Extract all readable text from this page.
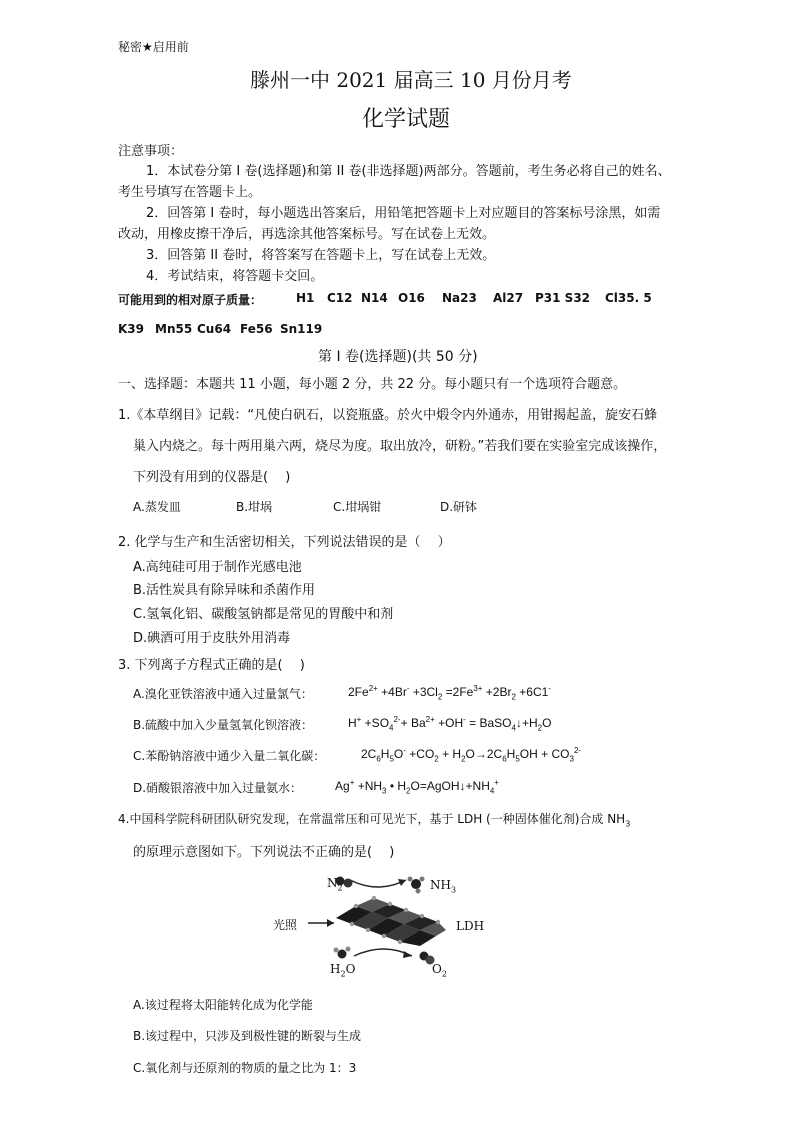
秘密★启用前
滕州一中 2021 届高三 10 月份月考
化学试题
注意事项：
1．本试卷分第 I 卷(选择题)和第 II 卷(非选择题)两部分。答题前，考生务必将自己的姓名、
考生号填写在答题卡上。
2．回答第 I 卷时，每小题选出答案后，用铅笔把答题卡上对应题目的答案标号涂黑，如需
改动，用橡皮擦干净后，再选涂其他答案标号。写在试卷上无效。
3．回答第 II 卷时，将答案写在答题卡上，写在试卷上无效。
4．考试结束，将答题卡交回。
可能用到的相对原子质量：	H1 C12 N14 O16 Na23 Al27 P31 S32 Cl35. 5
K39 Mn55 Cu64 Fe56 Sn119
第 I 卷(选择题)(共 50 分)
一、选择题：本题共 11 小题，每小题 2 分，共 22 分。每小题只有一个选项符合题意。
1.《本草纲目》记载：“凡使白矾石，以瓷瓶盛。於火中煅令内外通赤，用钳揭起盖，旋安石蜂
巢入内烧之。每十两用巢六两，烧尽为度。取出放冷，研粉。”若我们要在实验室完成该操作，
下列没有用到的仪器是(　 )
A.蒸发皿	B.坩埚	C.坩埚钳	D.研钵
2. 化学与生产和生活密切相关，下列说法错误的是（　 ）
A.高纯硅可用于制作光感电池
B.活性炭具有除异味和杀菌作用
C.氢氧化铝、碳酸氢钠都是常见的胃酸中和剂
D.碘酒可用于皮肤外用消毒
3. 下列离子方程式正确的是(　 )
A.溴化亚铁溶液中通入过量氯气：	$2Fe^{2+} +4Br^- +3Cl_2 =2Fe^{3+} +2Br_2 +6C1^-$
B.硫酸中加入少量氢氧化钡溶液：	$H^+ +SO_4^{2-}+ Ba^{2+} +OH^-$ = $BaSO_4↓+H_2O$
C.苯酚钠溶液中通少入量二氧化碳：	$2C_6H_5O^- +CO_2 + H_2O\to 2C_6H_5OH + CO_3^{2-}$
D.硝酸银溶液中加入过量氨水：	$Ag^+ +NH_3$ • $H_2O=AgOH↓+NH_4^+$
4.中国科学院科研团队研究发现，在常温常压和可见光下，基于 LDH (一种固体催化剂)合成 $NH_3$
的原理示意图如下。下列说法不正确的是(　 )
$N_2$	$NH_3$
光照	LDH
$H_2O$	$O_2$
A.该过程将太阳能转化成为化学能
B.该过程中，只涉及到极性键的断裂与生成
C.氧化剂与还原剂的物质的量之比为 1：3
